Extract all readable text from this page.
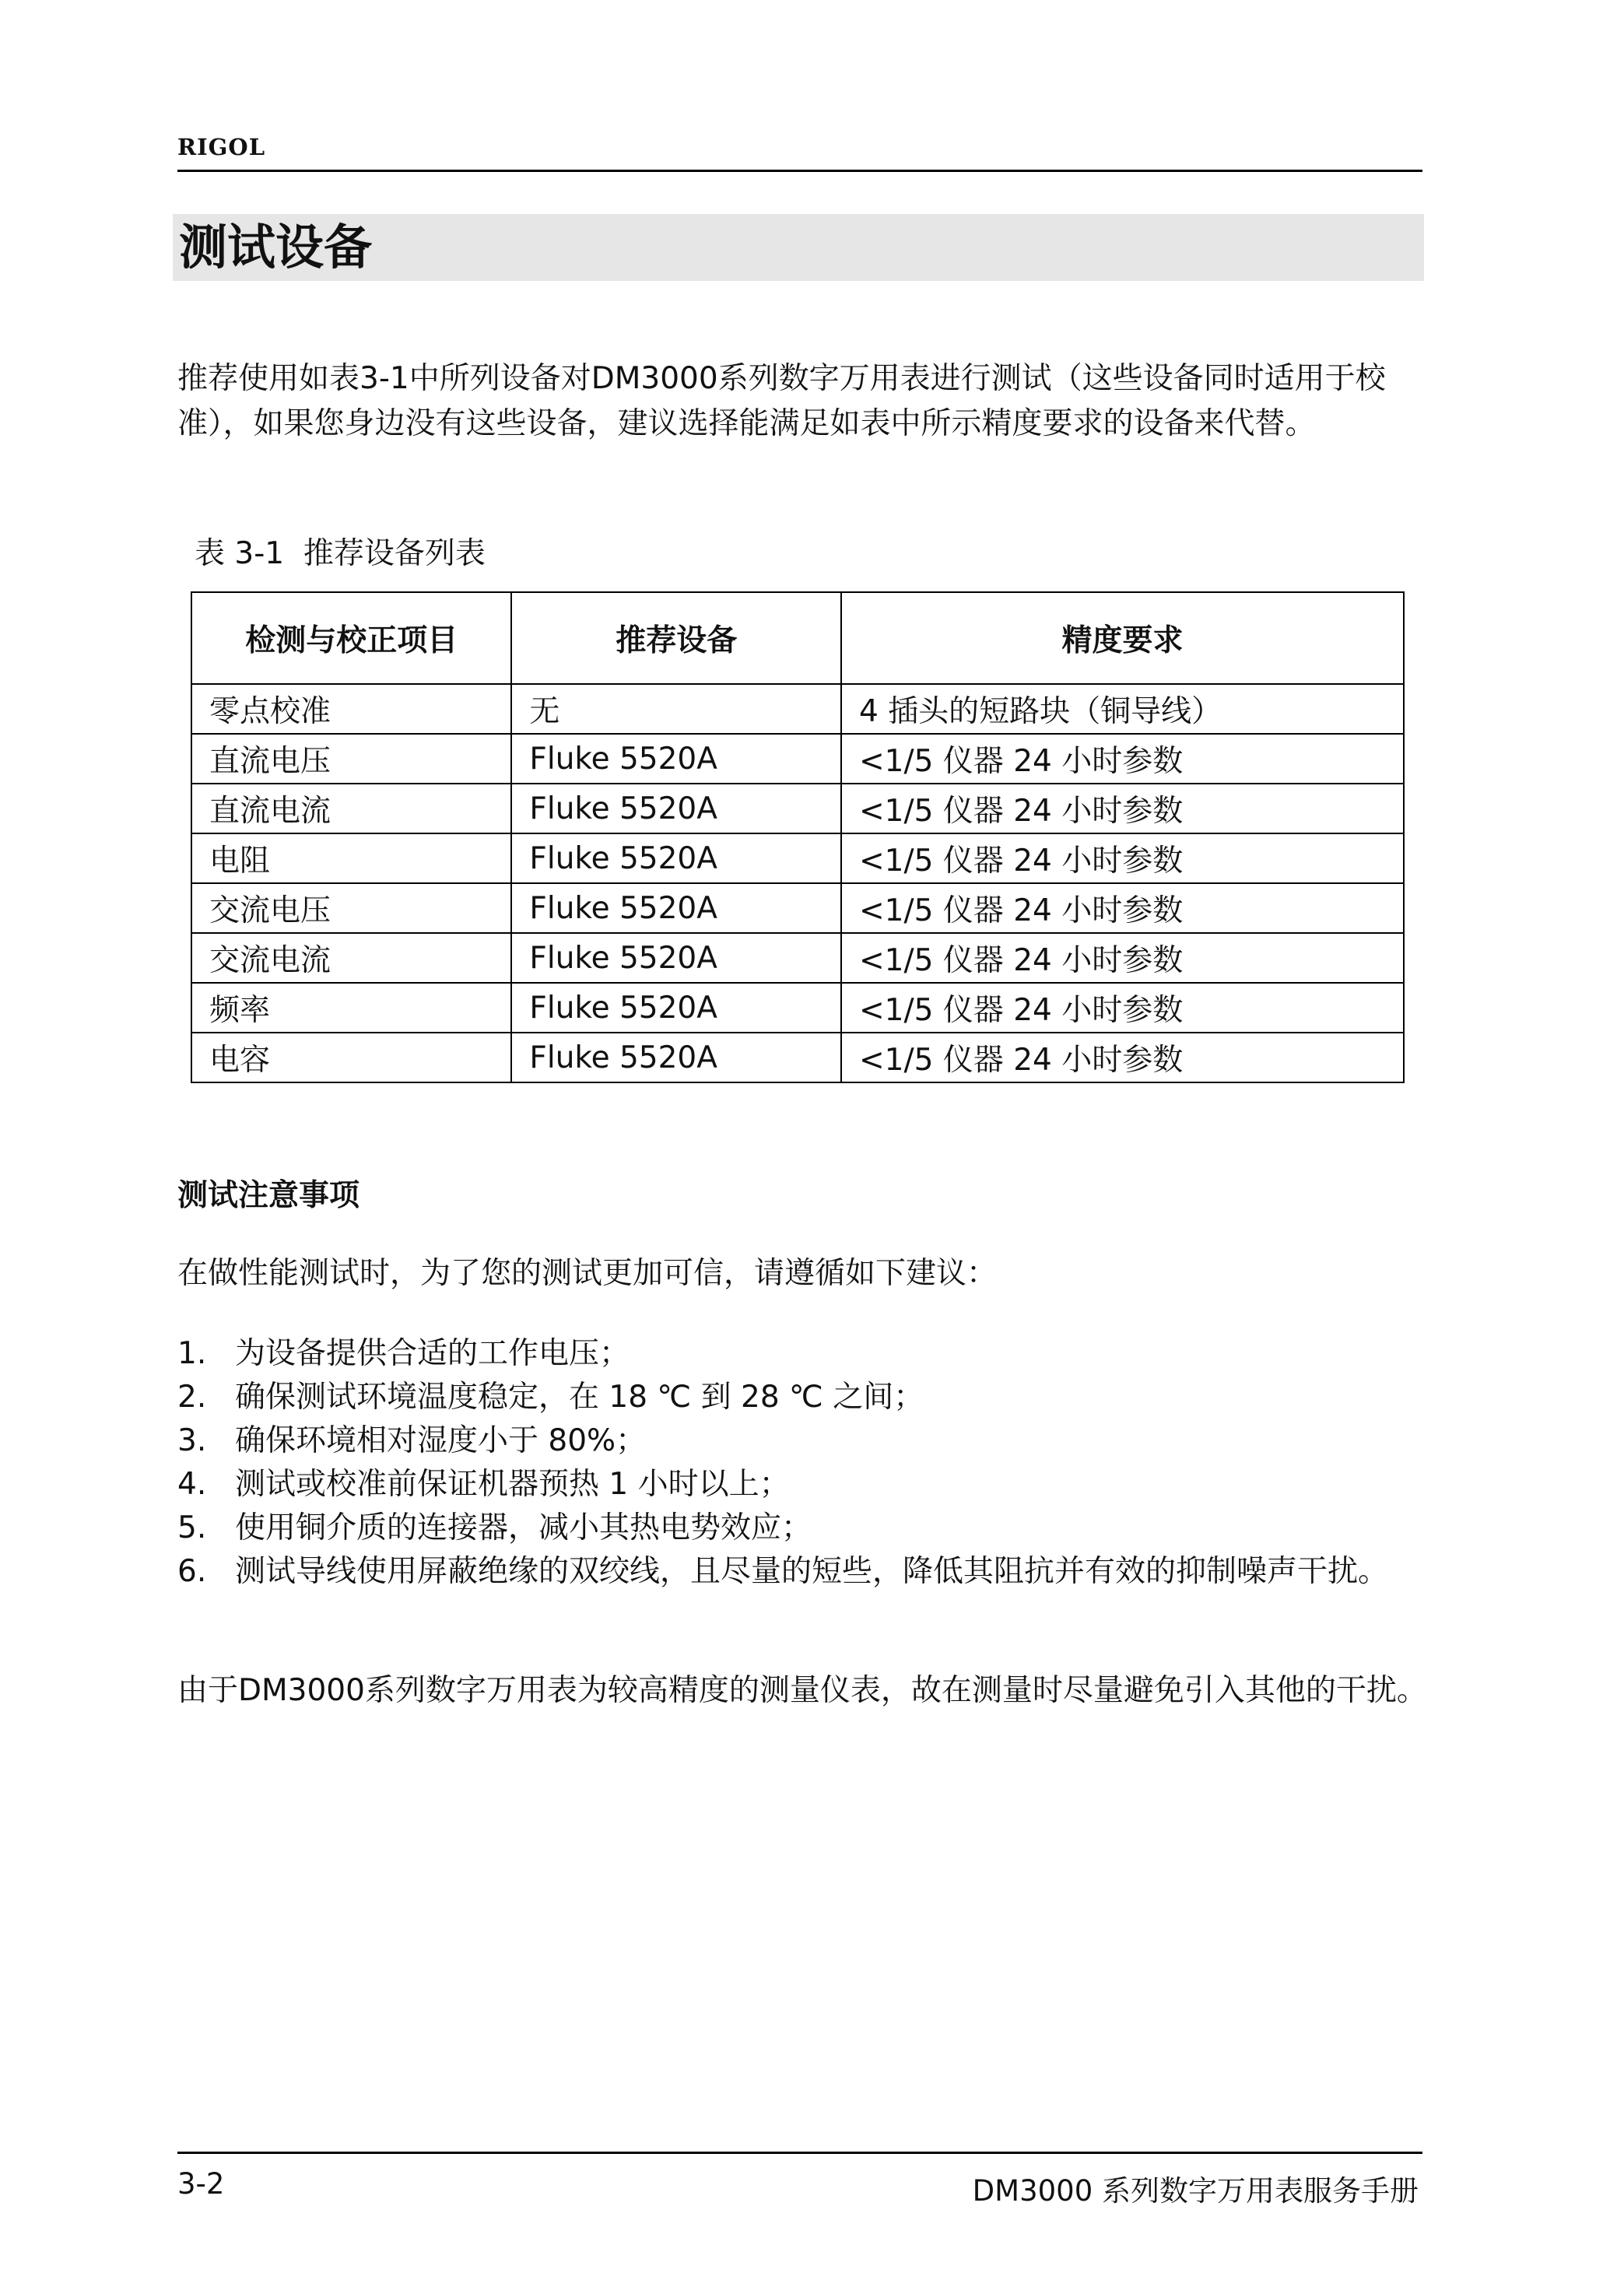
RIGOL
测试设备

推荐使用如表3-1中所列设备对DM3000系列数字万用表进行测试（这些设备同时适用于校准），如果您身边没有这些设备，建议选择能满足如表中所示精度要求的设备来代替。

表 3-1  推荐设备列表
检测与校正项目	推荐设备	精度要求
零点校准	无	4 插头的短路块（铜导线）
直流电压	Fluke 5520A	<1/5 仪器 24 小时参数
直流电流	Fluke 5520A	<1/5 仪器 24 小时参数
电阻	Fluke 5520A	<1/5 仪器 24 小时参数
交流电压	Fluke 5520A	<1/5 仪器 24 小时参数
交流电流	Fluke 5520A	<1/5 仪器 24 小时参数
频率	Fluke 5520A	<1/5 仪器 24 小时参数
电容	Fluke 5520A	<1/5 仪器 24 小时参数
测试注意事项
在做性能测试时，为了您的测试更加可信，请遵循如下建议：
1. 为设备提供合适的工作电压；
2. 确保测试环境温度稳定，在 18 ℃ 到 28 ℃ 之间；
3. 确保环境相对湿度小于 80%；
4. 测试或校准前保证机器预热 1 小时以上；
5. 使用铜介质的连接器，减小其热电势效应；
6. 测试导线使用屏蔽绝缘的双绞线，且尽量的短些，降低其阻抗并有效的抑制噪声干扰。

由于DM3000系列数字万用表为较高精度的测量仪表，故在测量时尽量避免引入其他的干扰。

3-2	DM3000 系列数字万用表服务手册
